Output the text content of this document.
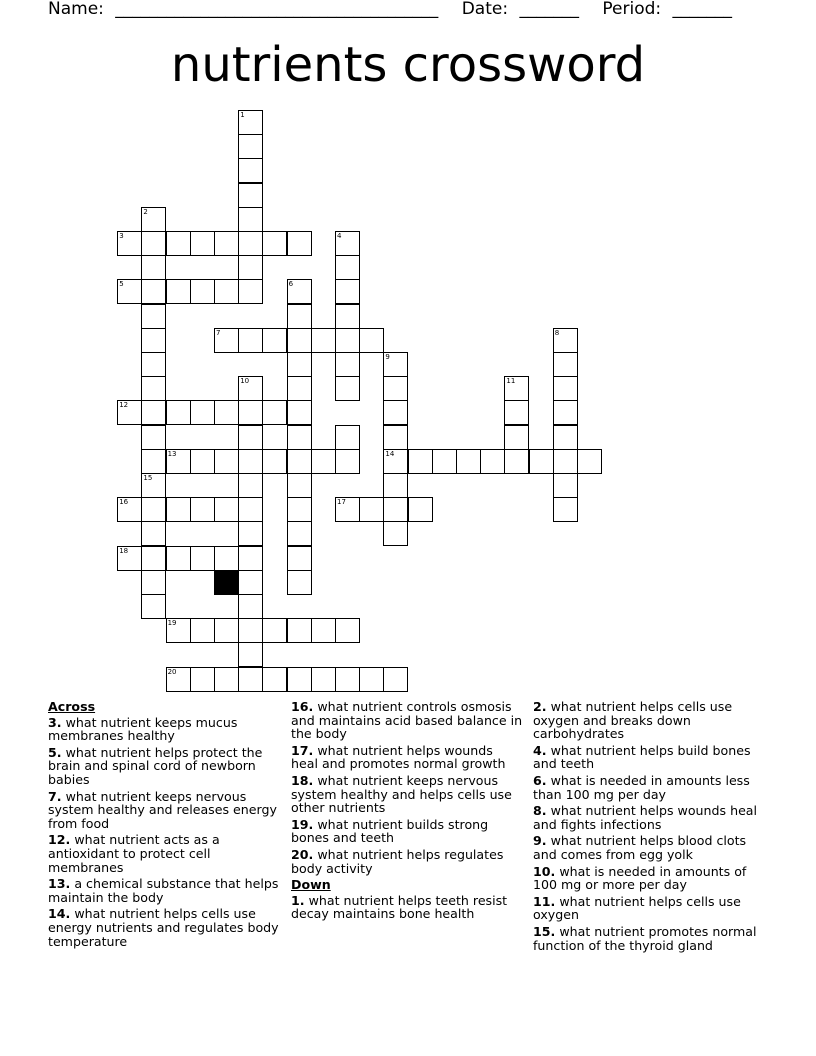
Name: ______________________________________ Date: _______ Period: _______
nutrients crossword
1
2
3	4
5	6
7	8
9
10	11
12
13	14
15
16	17
18
19
20
Across
3. what nutrient keeps mucus membranes healthy
5. what nutrient helps protect the brain and spinal cord of newborn babies
7. what nutrient keeps nervous system healthy and releases energy from food
12. what nutrient acts as a antioxidant to protect cell membranes
13. a chemical substance that helps maintain the body
14. what nutrient helps cells use energy nutrients and regulates body temperature
16. what nutrient controls osmosis and maintains acid based balance in the body
17. what nutrient helps wounds heal and promotes normal growth
18. what nutrient keeps nervous system healthy and helps cells use other nutrients
19. what nutrient builds strong bones and teeth
20. what nutrient helps regulates body activity
Down
1. what nutrient helps teeth resist decay maintains bone health
2. what nutrient helps cells use oxygen and breaks down carbohydrates
4. what nutrient helps build bones and teeth
6. what is needed in amounts less than 100 mg per day
8. what nutrient helps wounds heal and fights infections
9. what nutrient helps blood clots and comes from egg yolk
10. what is needed in amounts of 100 mg or more per day
11. what nutrient helps cells use oxygen
15. what nutrient promotes normal function of the thyroid gland
